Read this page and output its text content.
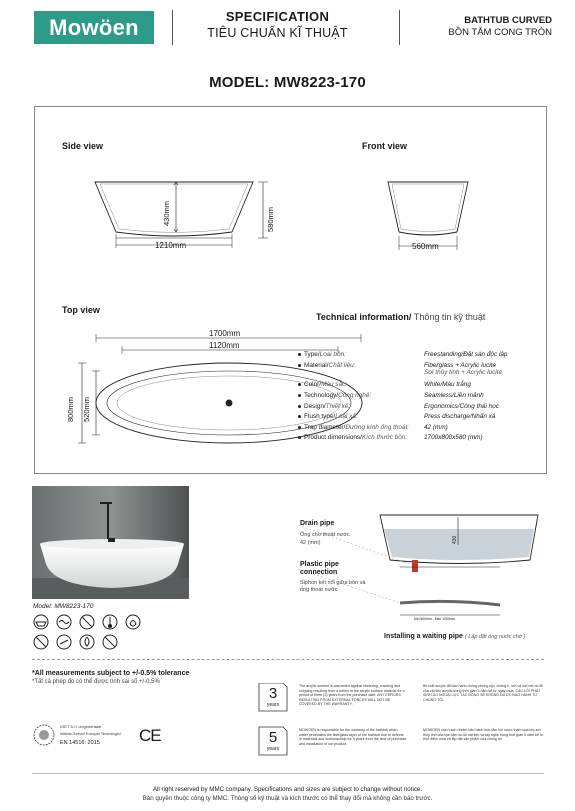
Mowöen	SPECIFICATION
TIÊU CHUẨN KĨ THUẬT
BATHTUB CURVED
BỒN TẮM CONG TRÒN
MODEL: MW8223-170
Side view	Front view
Top view
430mm	580mm
1210mm	560mm
1700mm
1120mm
800mm 520mm
Technical information/ Thông tin kỹ thuật
Type/Loại bồn:	Freestanding/Đặt sàn độc lập
Material/Chất liệu:	Fiberglass + Acrylic lucite
Sợi thủy tinh + Acrylic lucite
Color/Màu sắc:	White/Màu trắng
Technology/Công nghệ:	Seamless/Liền mảnh
Design/Thiết kế:	Ergonomics/Công thái học
Flush type/Loại xả:	Press discharge/Nhấn xả
Trap diameter/Đường kính ống thoát:	42 (mm)
Product dimensions/Kích thước bồn:	1700x800x580 (mm)
Model: MW8223-170
430
Drain pipe
Ống chờ thoát nước
42 (mm)
Plastic pipe
connection
Siphon kết nối giữa bồn và
ống thoát nước
Min 500mm - Max 1000mm
Installing a waiting pipe ( Lắp đặt ống nước chờ )
*All measurements subject to +/-0.5% tolerance
*Tất cả phép đo có thể được tính sai số +/-0.5%
IGET S.r.l Ungeneraale
Istituto Servizi Europei Tecnologici
EN 14516: 2015 CE
3
years
5
years
The acrylic surface is warranted against blistering, cracking and chipping resulting from a defect in the acrylic surface material for a period of three (3) years from the purchase date. ANY ERRORS RESULTING FROM EXTERNAL FORCES WILL NOT BE COVERED BY THE WARRANTY.
Bề mặt acrylic đã bảo hành chống phồng rộp, chống lì, nứt và sứt mẻ do lỗi của vật liệu acrylic trong thời gian 3 năm kể từ ngày mua. CÁC LỖI PHÁT SINH DO NGOẠI LỰC TÁC ĐỘNG SẼ KHÔNG ĐƯỢC BẢO HÀNH TỪ CHÚNG TÔI.
MOWOEN is responsible for the warranty of the bathtub when water penetrates the fiberglass layer of the bathtub due to defects in materials and workmanship for 5 years from the time of purchase and installation of our product.
MOWOEN chịu trách nhiệm bảo hành bồn tắm khi nước thấm qua lớp sợi thủy tinh của bồn tắm do lỗi vật liệu và tay nghề trong thời gian 5 năm kể từ thời điểm mua và lắp đặt sản phẩm của chúng tôi.
All right reserved by MMC company. Specifications and sizes are subject to change without notice.
Bản quyền thuộc công ty MMC. Thông số kỹ thuật và kích thước có thể thay đổi mà không cần báo trước.
